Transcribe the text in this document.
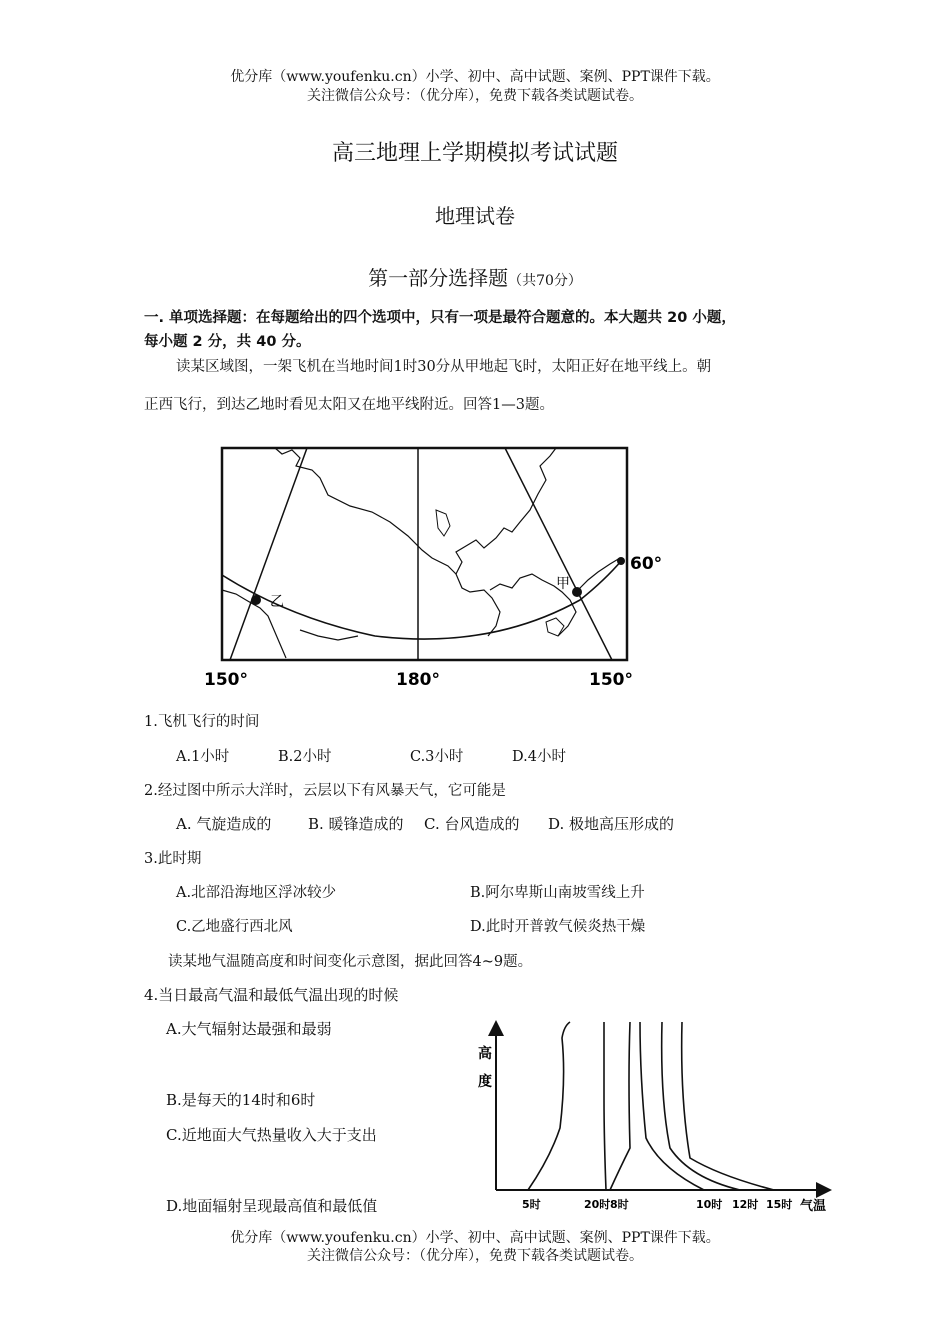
优分库（www.youfenku.cn）小学、初中、高中试题、案例、PPT课件下载。
关注微信公众号：（优分库），免费下载各类试题试卷。
高三地理上学期模拟考试试题
地理试卷
第一部分选择题（共70分）
一. 单项选择题：在每题给出的四个选项中，只有一项是最符合题意的。本大题共 20 小题，
每小题 2 分，共 40 分。
读某区域图，一架飞机在当地时间1时30分从甲地起飞时，太阳正好在地平线上。朝
正西飞行，到达乙地时看见太阳又在地平线附近。回答1—3题。
乙
甲
60°
150°	180°	150°
1.飞机飞行的时间
A.1小时	B.2小时	C.3小时	D.4小时
2.经过图中所示大洋时，云层以下有风暴天气，它可能是
A. 气旋造成的 B. 暖锋造成的 C. 台风造成的 D. 极地高压形成的
3.此时期
A.北部沿海地区浮冰较少	B.阿尔卑斯山南坡雪线上升
C.乙地盛行西北风	D.此时开普敦气候炎热干燥
读某地气温随高度和时间变化示意图，据此回答4~9题。
4.当日最高气温和最低气温出现的时候
A.大气辐射达最强和最弱
B.是每天的14时和6时
C.近地面大气热量收入大于支出
D.地面辐射呈现最高值和最低值
高
度
5时	20时 8时	10时 12时 15时 气温
优分库（www.youfenku.cn）小学、初中、高中试题、案例、PPT课件下载。
关注微信公众号：（优分库），免费下载各类试题试卷。
